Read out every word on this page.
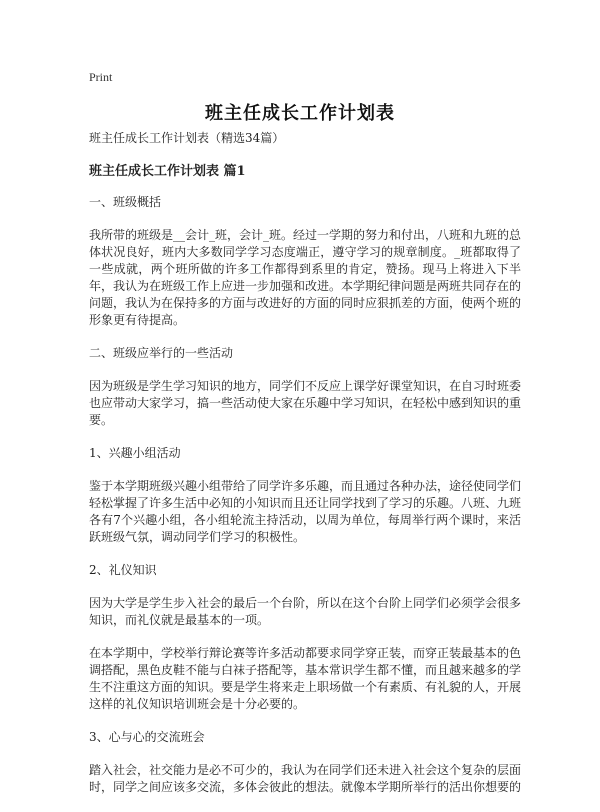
Print
班主任成长工作计划表

班主任成长工作计划表（精选34篇）

班主任成长工作计划表 篇1

一、班级概括

我所带的班级是__会计_班，会计_班。经过一学期的努力和付出，八班和九班的总体状况良好，班内大多数同学学习态度端正，遵守学习的规章制度。_班都取得了一些成就，两个班所做的许多工作都得到系里的肯定，赞扬。现马上将进入下半年，我认为在班级工作上应进一步加强和改进。本学期纪律问题是两班共同存在的问题，我认为在保持多的方面与改进好的方面的同时应狠抓差的方面，使两个班的形象更有待提高。

二、班级应举行的一些活动

因为班级是学生学习知识的地方，同学们不反应上课学好课堂知识，在自习时班委也应带动大家学习，搞一些活动使大家在乐趣中学习知识，在轻松中感到知识的重要。

1、兴趣小组活动

鉴于本学期班级兴趣小组带给了同学许多乐趣，而且通过各种办法，途径使同学们轻松掌握了许多生活中必知的小知识而且还让同学找到了学习的乐趣。八班、九班各有7个兴趣小组，各小组轮流主持活动，以周为单位，每周举行两个课时，来活跃班级气氛，调动同学们学习的积极性。

2、礼仪知识

因为大学是学生步入社会的最后一个台阶，所以在这个台阶上同学们必须学会很多知识，而礼仪就是最基本的一项。

在本学期中，学校举行辩论赛等许多活动都要求同学穿正装，而穿正装最基本的色调搭配，黑色皮鞋不能与白袜子搭配等，基本常识学生都不懂，而且越来越多的学生不注重这方面的知识。要是学生将来走上职场做一个有素质、有礼貌的人，开展这样的礼仪知识培训班会是十分必要的。

3、心与心的交流班会

踏入社会，社交能力是必不可少的，我认为在同学们还未进入社会这个复杂的层面时，同学之间应该多交流，多体会彼此的想法。就像本学期所举行的活出你想要的
